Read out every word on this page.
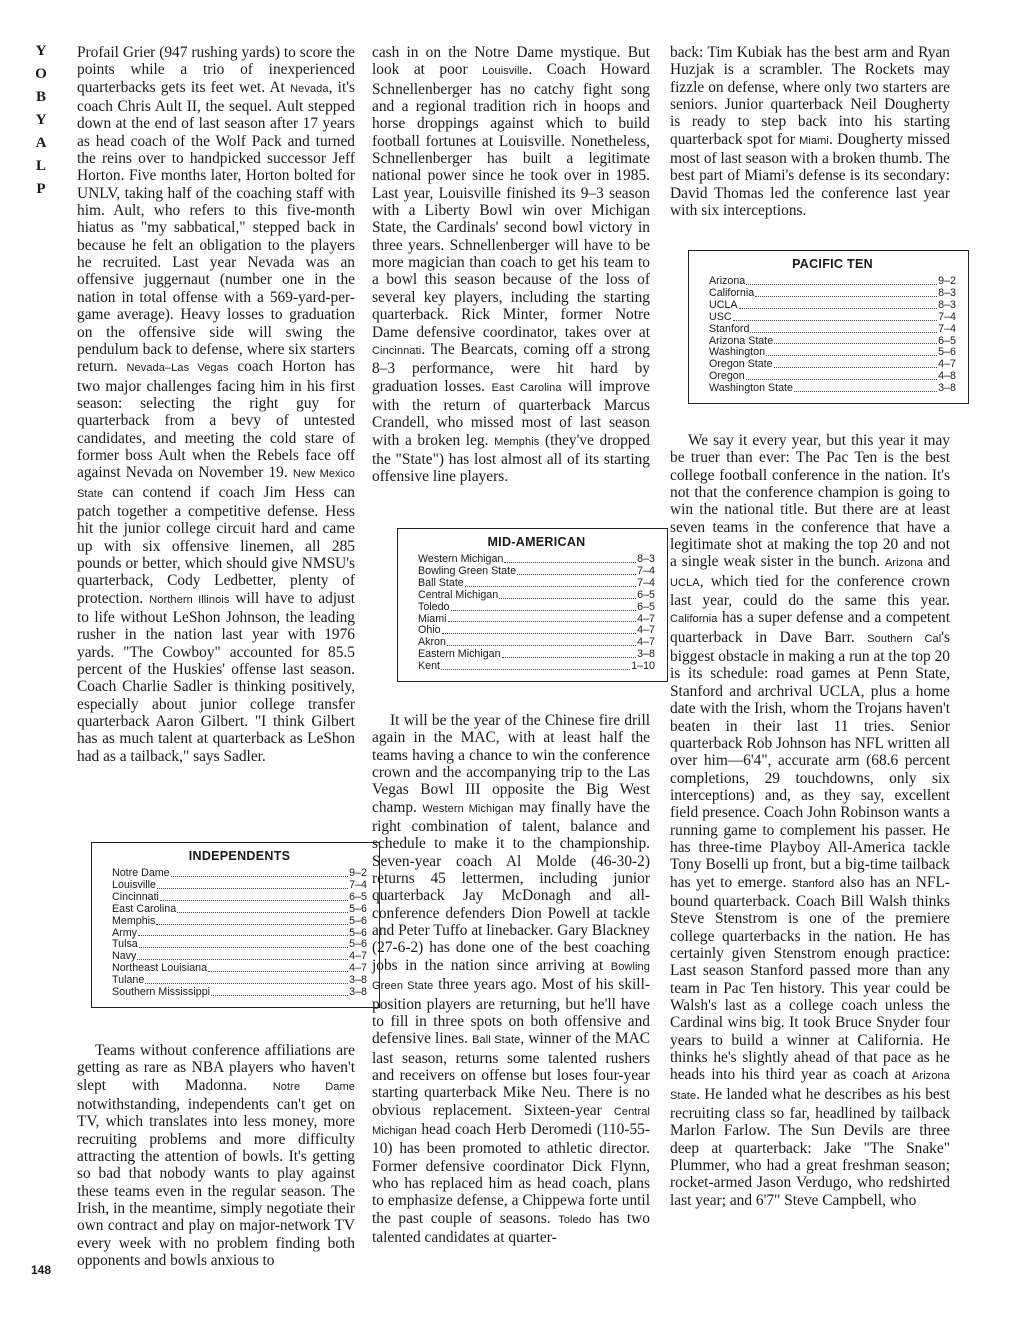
Y
O
B
Y
A
L
P

Profail Grier (947 rushing yards) to score the points while a trio of inexperienced quarterbacks gets its feet wet. At Nevada, it's coach Chris Ault II, the sequel. Ault stepped down at the end of last season after 17 years as head coach of the Wolf Pack and turned the reins over to handpicked successor Jeff Horton. Five months later, Horton bolted for UNLV, taking half of the coaching staff with him. Ault, who refers to this five-month hiatus as "my sabbatical," stepped back in because he felt an obligation to the players he recruited. Last year Nevada was an offensive juggernaut (number one in the nation in total offense with a 569-yard-per-game average). Heavy losses to graduation on the offensive side will swing the pendulum back to defense, where six starters return. Nevada–Las Vegas coach Horton has two major challenges facing him in his first season: selecting the right guy for quarterback from a bevy of untested candidates, and meeting the cold stare of former boss Ault when the Rebels face off against Nevada on November 19. New Mexico State can contend if coach Jim Hess can patch together a competitive defense. Hess hit the junior college circuit hard and came up with six offensive linemen, all 285 pounds or better, which should give NMSU's quarterback, Cody Ledbetter, plenty of protection. Northern Illinois will have to adjust to life without LeShon Johnson, the leading rusher in the nation last year with 1976 yards. "The Cowboy" accounted for 85.5 percent of the Huskies' offense last season. Coach Charlie Sadler is thinking positively, especially about junior college transfer quarterback Aaron Gilbert. "I think Gilbert has as much talent at quarterback as LeShon had as a tailback," says Sadler.

INDEPENDENTS
Notre Dame	9–2
Louisville	7–4
Cincinnati	6–5
East Carolina	5–6
Memphis	5–6
Army	5–6
Tulsa	5–6
Navy	4–7
Northeast Louisiana	4–7
Tulane	3–8
Southern Mississippi	3–8

Teams without conference affiliations are getting as rare as NBA players who haven't slept with Madonna. Notre Dame notwithstanding, independents can't get on TV, which translates into less money, more recruiting problems and more difficulty attracting the attention of bowls. It's getting so bad that nobody wants to play against these teams even in the regular season. The Irish, in the meantime, simply negotiate their own contract and play on major-network TV every week with no problem finding both opponents and bowls anxious to

148

cash in on the Notre Dame mystique. But look at poor Louisville. Coach Howard Schnellenberger has no catchy fight song and a regional tradition rich in hoops and horse droppings against which to build football fortunes at Louisville. Nonetheless, Schnellenberger has built a legitimate national power since he took over in 1985. Last year, Louisville finished its 9–3 season with a Liberty Bowl win over Michigan State, the Cardinals' second bowl victory in three years. Schnellenberger will have to be more magician than coach to get his team to a bowl this season because of the loss of several key players, including the starting quarterback. Rick Minter, former Notre Dame defensive coordinator, takes over at Cincinnati. The Bearcats, coming off a strong 8–3 performance, were hit hard by graduation losses. East Carolina will improve with the return of quarterback Marcus Crandell, who missed most of last season with a broken leg. Memphis (they've dropped the "State") has lost almost all of its starting offensive line players.

MID-AMERICAN
Western Michigan	8–3
Bowling Green State	7–4
Ball State	7–4
Central Michigan	6–5
Toledo	6–5
Miami	4–7
Ohio	4–7
Akron	4–7
Eastern Michigan	3–8
Kent	1–10

It will be the year of the Chinese fire drill again in the MAC, with at least half the teams having a chance to win the conference crown and the accompanying trip to the Las Vegas Bowl III opposite the Big West champ. Western Michigan may finally have the right combination of talent, balance and schedule to make it to the championship. Seven-year coach Al Molde (46-30-2) returns 45 lettermen, including junior quarterback Jay McDonagh and all-conference defenders Dion Powell at tackle and Peter Tuffo at linebacker. Gary Blackney (27-6-2) has done one of the best coaching jobs in the nation since arriving at Bowling Green State three years ago. Most of his skill-position players are returning, but he'll have to fill in three spots on both offensive and defensive lines. Ball State, winner of the MAC last season, returns some talented rushers and receivers on offense but loses four-year starting quarterback Mike Neu. There is no obvious replacement. Sixteen-year Central Michigan head coach Herb Deromedi (110-55-10) has been promoted to athletic director. Former defensive coordinator Dick Flynn, who has replaced him as head coach, plans to emphasize defense, a Chippewa forte until the past couple of seasons. Toledo has two talented candidates at quarter-

back: Tim Kubiak has the best arm and Ryan Huzjak is a scrambler. The Rockets may fizzle on defense, where only two starters are seniors. Junior quarterback Neil Dougherty is ready to step back into his starting quarterback spot for Miami. Dougherty missed most of last season with a broken thumb. The best part of Miami's defense is its secondary: David Thomas led the conference last year with six interceptions.

PACIFIC TEN
Arizona	9–2
California	8–3
UCLA	8–3
USC	7–4
Stanford	7–4
Arizona State	6–5
Washington	5–6
Oregon State	4–7
Oregon	4–8
Washington State	3–8

We say it every year, but this year it may be truer than ever: The Pac Ten is the best college football conference in the nation. It's not that the conference champion is going to win the national title. But there are at least seven teams in the conference that have a legitimate shot at making the top 20 and not a single weak sister in the bunch. Arizona and UCLA, which tied for the conference crown last year, could do the same this year. California has a super defense and a competent quarterback in Dave Barr. Southern Cal's biggest obstacle in making a run at the top 20 is its schedule: road games at Penn State, Stanford and archrival UCLA, plus a home date with the Irish, whom the Trojans haven't beaten in their last 11 tries. Senior quarterback Rob Johnson has NFL written all over him—6'4", accurate arm (68.6 percent completions, 29 touchdowns, only six interceptions) and, as they say, excellent field presence. Coach John Robinson wants a running game to complement his passer. He has three-time Playboy All-America tackle Tony Boselli up front, but a big-time tailback has yet to emerge. Stanford also has an NFL-bound quarterback. Coach Bill Walsh thinks Steve Stenstrom is one of the premiere college quarterbacks in the nation. He has certainly given Stenstrom enough practice: Last season Stanford passed more than any team in Pac Ten history. This year could be Walsh's last as a college coach unless the Cardinal wins big. It took Bruce Snyder four years to build a winner at California. He thinks he's slightly ahead of that pace as he heads into his third year as coach at Arizona State. He landed what he describes as his best recruiting class so far, headlined by tailback Marlon Farlow. The Sun Devils are three deep at quarterback: Jake "The Snake" Plummer, who had a great freshman season; rocket-armed Jason Verdugo, who redshirted last year; and 6'7" Steve Campbell, who
